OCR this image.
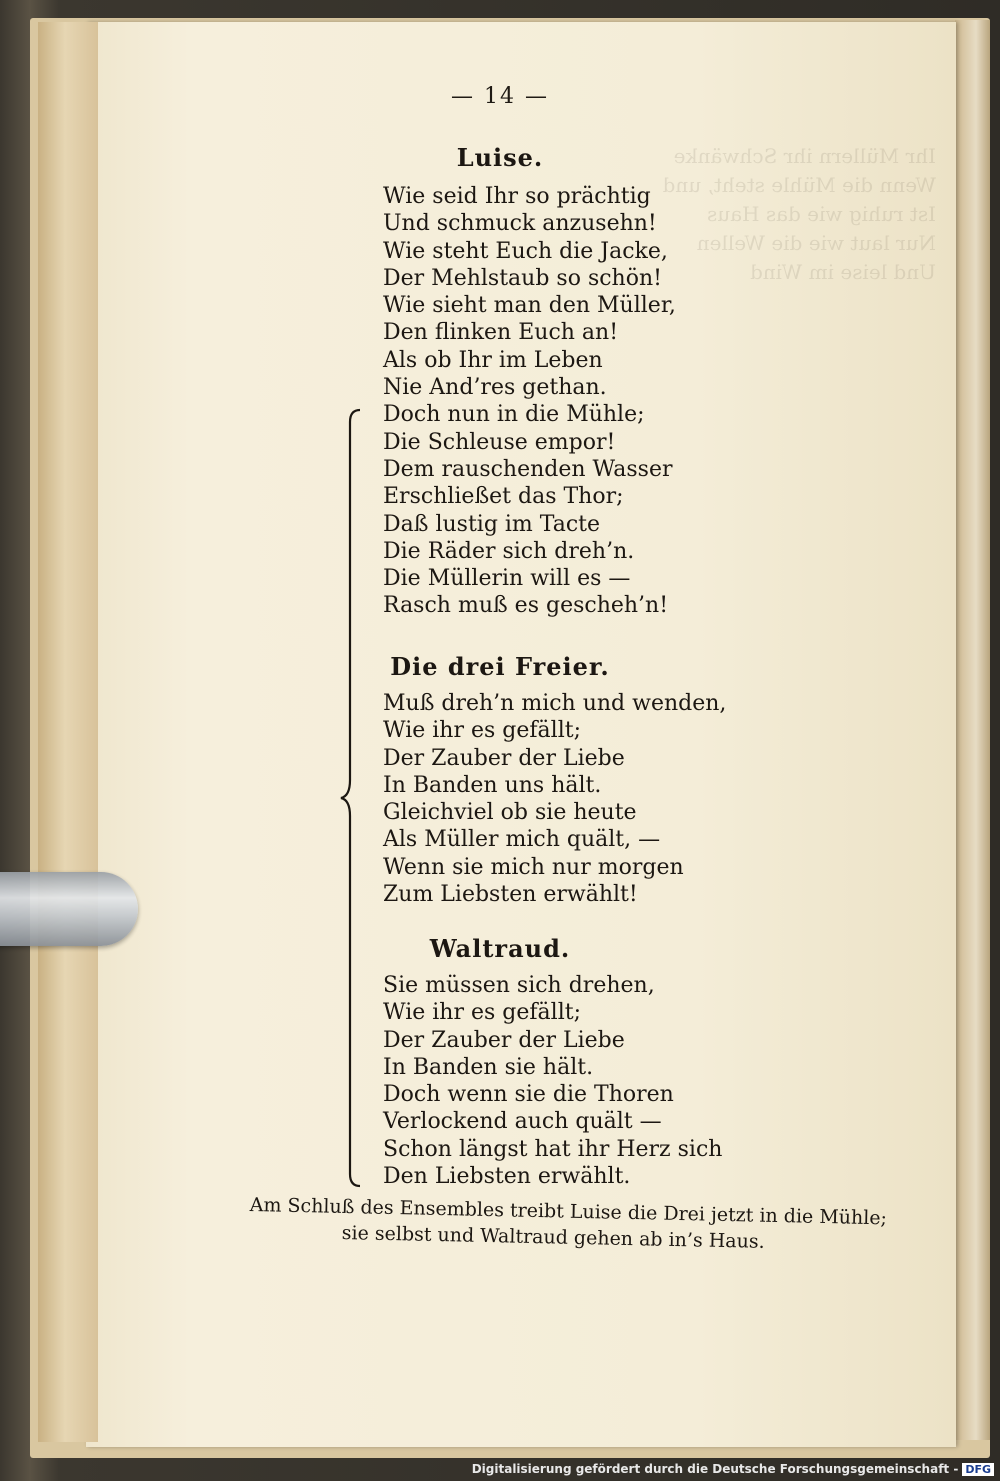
Ihr Müllern ihr Schwänke
Wenn die Mühle steht, und
Ist ruhig wie das Haus
Nur laut wie die Wellen
Und leise im Wind
— 14 —
Luise.
Wie seid Ihr so prächtig
Und schmuck anzusehn!
Wie steht Euch die Jacke,
Der Mehlstaub so schön!
Wie sieht man den Müller,
Den flinken Euch an!
Als ob Ihr im Leben
Nie And’res gethan.
Doch nun in die Mühle;
Die Schleuse empor!
Dem rauschenden Wasser
Erschließet das Thor;
Daß lustig im Tacte
Die Räder sich dreh’n.
Die Müllerin will es —
Rasch muß es gescheh’n!
Die drei Freier.
Muß dreh’n mich und wenden,
Wie ihr es gefällt;
Der Zauber der Liebe
In Banden uns hält.
Gleichviel ob sie heute
Als Müller mich quält, —
Wenn sie mich nur morgen
Zum Liebsten erwählt!
Waltraud.
Sie müssen sich drehen,
Wie ihr es gefällt;
Der Zauber der Liebe
In Banden sie hält.
Doch wenn sie die Thoren
Verlockend auch quält —
Schon längst hat ihr Herz sich
Den Liebsten erwählt.
Am Schluß des Ensembles treibt Luise die Drei jetzt in die Mühle;
sie selbst und Waltraud gehen ab in’s Haus.
Digitalisierung gefördert durch die Deutsche Forschungsgemeinschaft - DFG
